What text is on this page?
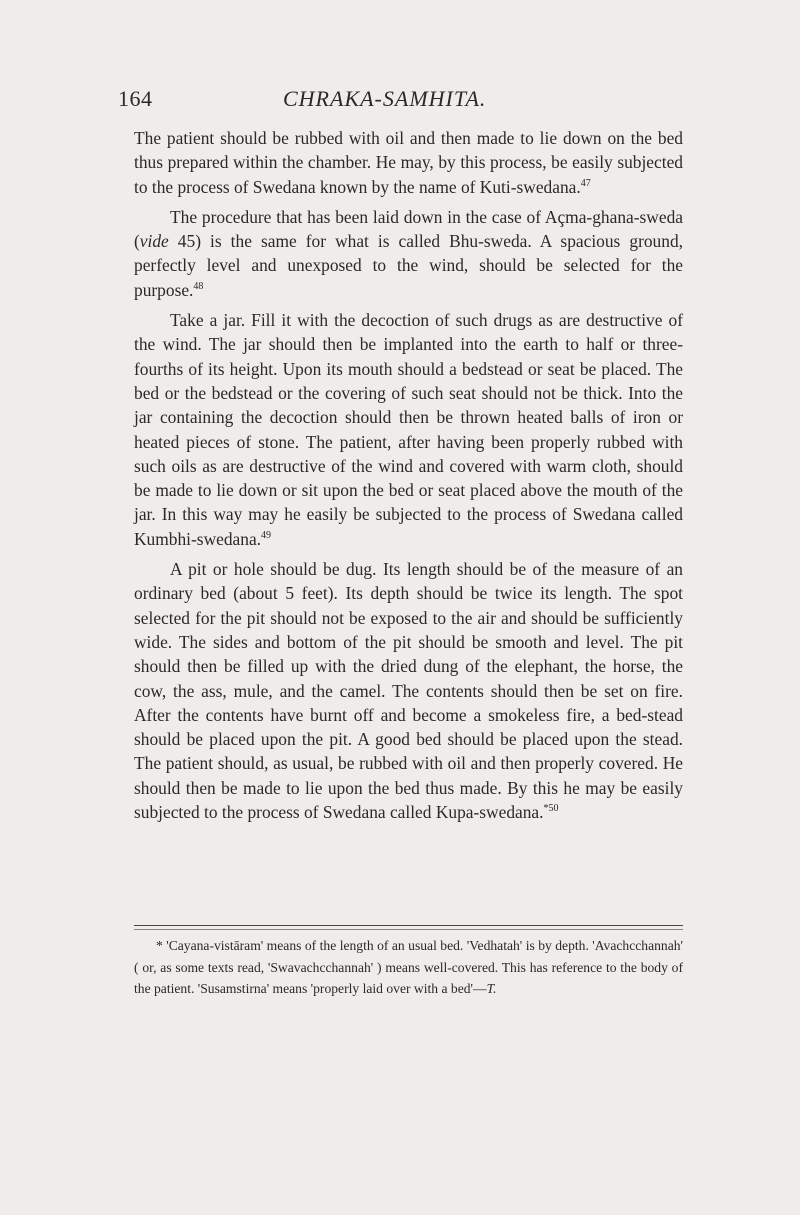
164	CHRAKA-SAMHITA.

The patient should be rubbed with oil and then made to lie down on the bed thus prepared within the chamber. He may, by this process, be easily subjected to the process of Swedana known by the name of Kuti-swedana.$^{47}$

The procedure that has been laid down in the case of Açma-ghana-sweda (vide 45) is the same for what is called Bhu-sweda. A spacious ground, perfectly level and unexposed to the wind, should be selected for the purpose.$^{48}$

Take a jar. Fill it with the decoction of such drugs as are destructive of the wind. The jar should then be implanted into the earth to half or three-fourths of its height. Upon its mouth should a bedstead or seat be placed. The bed or the bedstead or the covering of such seat should not be thick. Into the jar containing the decoction should then be thrown heated balls of iron or heated pieces of stone. The patient, after having been properly rubbed with such oils as are destructive of the wind and covered with warm cloth, should be made to lie down or sit upon the bed or seat placed above the mouth of the jar. In this way may he easily be subjected to the process of Swedana called Kumbhi-swedana.$^{49}$

A pit or hole should be dug. Its length should be of the measure of an ordinary bed (about 5 feet). Its depth should be twice its length. The spot selected for the pit should not be exposed to the air and should be sufficiently wide. The sides and bottom of the pit should be smooth and level. The pit should then be filled up with the dried dung of the elephant, the horse, the cow, the ass, mule, and the camel. The contents should then be set on fire. After the contents have burnt off and become a smokeless fire, a bed-stead should be placed upon the pit. A good bed should be placed upon the stead. The patient should, as usual, be rubbed with oil and then properly covered. He should then be made to lie upon the bed thus made. By this he may be easily subjected to the process of Swedana called Kupa-swedana.$^{*50}$

* 'Cayana-vistāram' means of the length of an usual bed. 'Vedhatah' is by depth. 'Avachcchannah' ( or, as some texts read, 'Swavachcchannah' ) means well-covered. This has reference to the body of the patient. 'Susamstirna' means 'properly laid over with a bed'—T.
